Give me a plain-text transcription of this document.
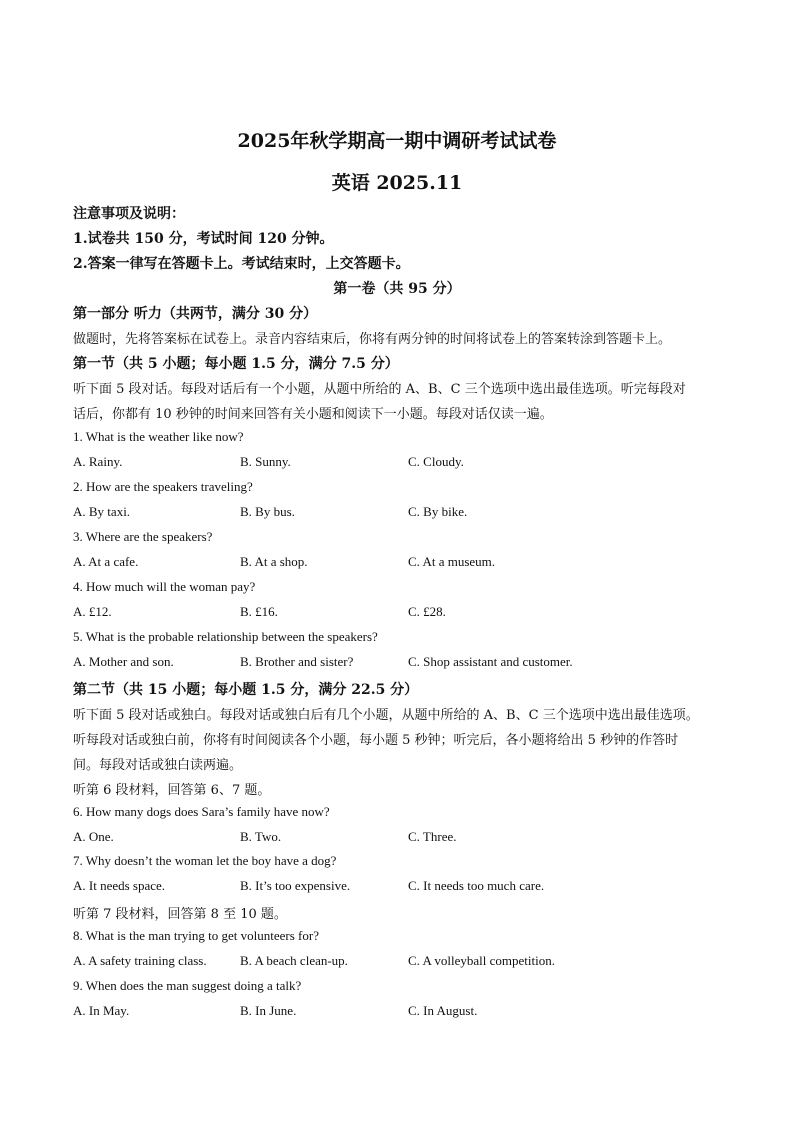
2025年秋学期高一期中调研考试试卷
英语 2025.11
注意事项及说明：
1.试卷共 150 分，考试时间 120 分钟。
2.答案一律写在答题卡上。考试结束时，上交答题卡。
第一卷（共 95 分）
第一部分 听力（共两节，满分 30 分）
做题时，先将答案标在试卷上。录音内容结束后，你将有两分钟的时间将试卷上的答案转涂到答题卡上。
第一节（共 5 小题；每小题 1.5 分，满分 7.5 分）
听下面 5 段对话。每段对话后有一个小题，从题中所给的 A、B、C 三个选项中选出最佳选项。听完每段对
话后，你都有 10 秒钟的时间来回答有关小题和阅读下一小题。每段对话仅读一遍。
1. What is the weather like now?
A. Rainy.	B. Sunny.	C. Cloudy.
2. How are the speakers traveling?
A. By taxi.	B. By bus.	C. By bike.
3. Where are the speakers?
A. At a cafe.	B. At a shop.	C. At a museum.
4. How much will the woman pay?
A. £12.	B. £16.	C. £28.
5. What is the probable relationship between the speakers?
A. Mother and son.	B. Brother and sister?	C. Shop assistant and customer.
第二节（共 15 小题；每小题 1.5 分，满分 22.5 分）
听下面 5 段对话或独白。每段对话或独白后有几个小题，从题中所给的 A、B、C 三个选项中选出最佳选项。
听每段对话或独白前，你将有时间阅读各个小题，每小题 5 秒钟；听完后，各小题将给出 5 秒钟的作答时
间。每段对话或独白读两遍。
听第 6 段材料，回答第 6、7 题。
6. How many dogs does Sara’s family have now?
A. One.	B. Two.	C. Three.
7. Why doesn’t the woman let the boy have a dog?
A. It needs space.	B. It’s too expensive.	C. It needs too much care.
听第 7 段材料，回答第 8 至 10 题。
8. What is the man trying to get volunteers for?
A. A safety training class.	B. A beach clean-up.	C. A volleyball competition.
9. When does the man suggest doing a talk?
A. In May.	B. In June.	C. In August.
